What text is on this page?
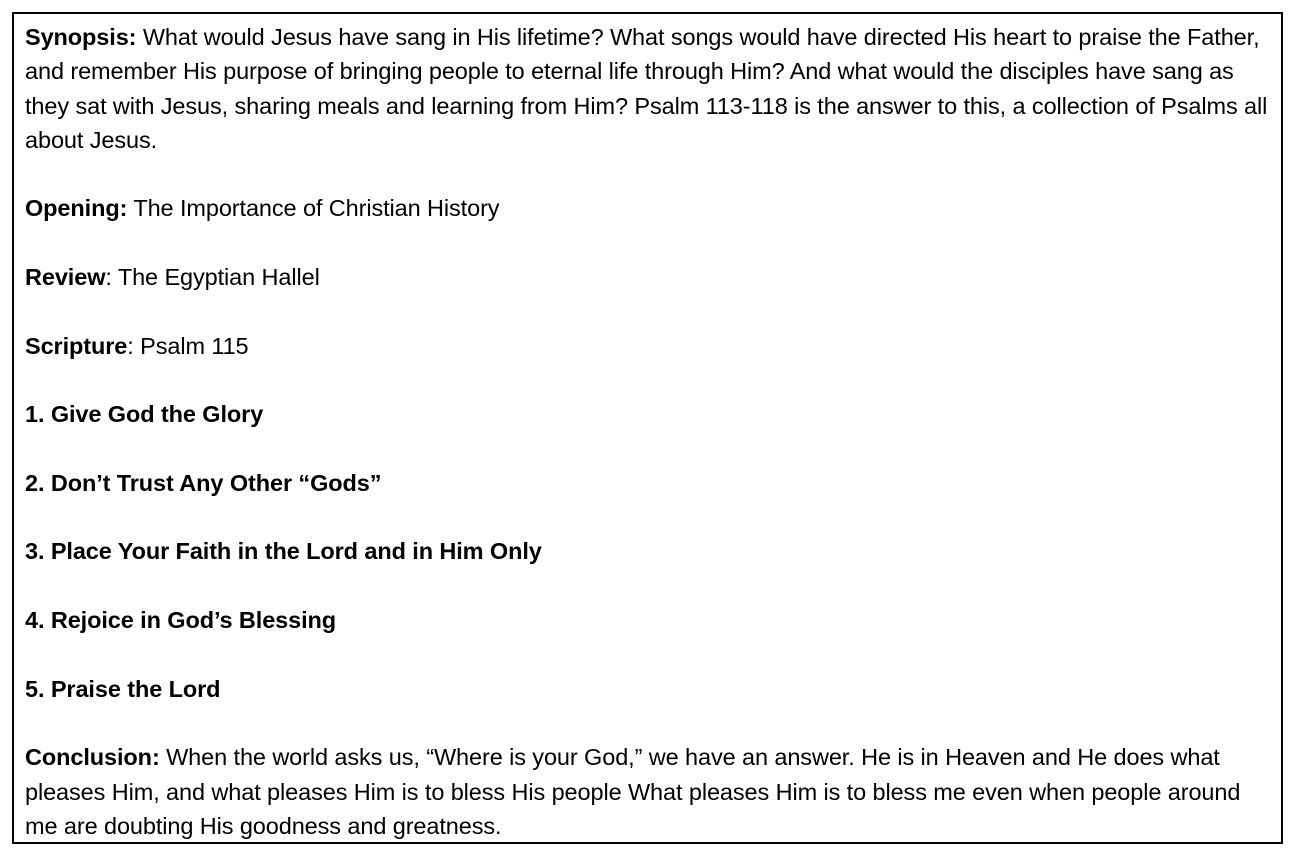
Synopsis: What would Jesus have sang in His lifetime? What songs would have directed His heart to praise the Father, and remember His purpose of bringing people to eternal life through Him? And what would the disciples have sang as they sat with Jesus, sharing meals and learning from Him? Psalm 113-118 is the answer to this, a collection of Psalms all about Jesus.

Opening: The Importance of Christian History

Review: The Egyptian Hallel

Scripture: Psalm 115

1. Give God the Glory

2. Don’t Trust Any Other “Gods”

3. Place Your Faith in the Lord and in Him Only

4. Rejoice in God’s Blessing

5. Praise the Lord

Conclusion: When the world asks us, “Where is your God,” we have an answer. He is in Heaven and He does what pleases Him, and what pleases Him is to bless His people What pleases Him is to bless me even when people around me are doubting His goodness and greatness.
